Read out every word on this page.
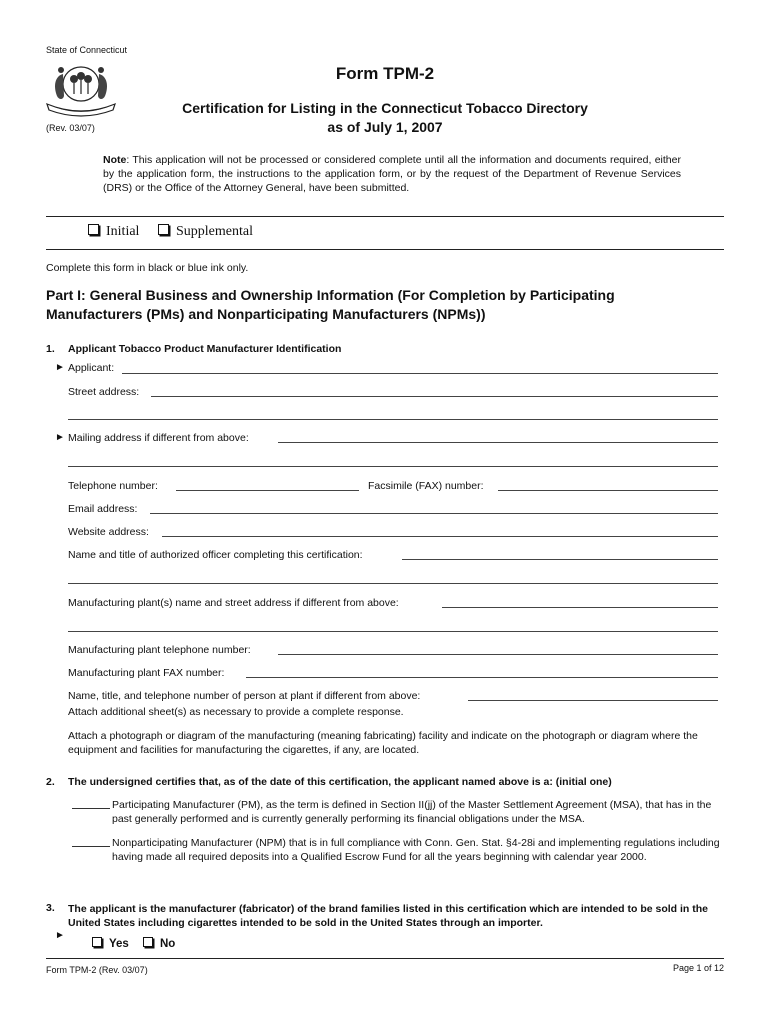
State of Connecticut
(Rev. 03/07)
Form TPM-2
Certification for Listing in the Connecticut Tobacco Directory
as of July 1, 2007
Note: This application will not be processed or considered complete until all the information and documents required, either by the application form, the instructions to the application form, or by the request of the Department of Revenue Services (DRS) or the Office of the Attorney General, have been submitted.
Initial	Supplemental
Complete this form in black or blue ink only.
Part I: General Business and Ownership Information (For Completion by Participating Manufacturers (PMs) and Nonparticipating Manufacturers (NPMs))
1. Applicant Tobacco Product Manufacturer Identification
► Applicant:
Street address:
► Mailing address if different from above:
Telephone number:	Facsimile (FAX) number:
Email address:
Website address:
Name and title of authorized officer completing this certification:
Manufacturing plant(s) name and street address if different from above:
Manufacturing plant telephone number:
Manufacturing plant FAX number:
Name, title, and telephone number of person at plant if different from above:
Attach additional sheet(s) as necessary to provide a complete response.
Attach a photograph or diagram of the manufacturing (meaning fabricating) facility and indicate on the photograph or diagram where the equipment and facilities for manufacturing the cigarettes, if any, are located.
2. The undersigned certifies that, as of the date of this certification, the applicant named above is a: (initial one)
Participating Manufacturer (PM), as the term is defined in Section II(jj) of the Master Settlement Agreement (MSA), that has in the past generally performed and is currently generally performing its financial obligations under the MSA.
Nonparticipating Manufacturer (NPM) that is in full compliance with Conn. Gen. Stat. §4-28i and implementing regulations including having made all required deposits into a Qualified Escrow Fund for all the years beginning with calendar year 2000.
3. The applicant is the manufacturer (fabricator) of the brand families listed in this certification which are intended to be sold in the United States including cigarettes intended to be sold in the United States through an importer.
►
Yes	No
Form TPM-2 (Rev. 03/07)	Page 1 of 12
